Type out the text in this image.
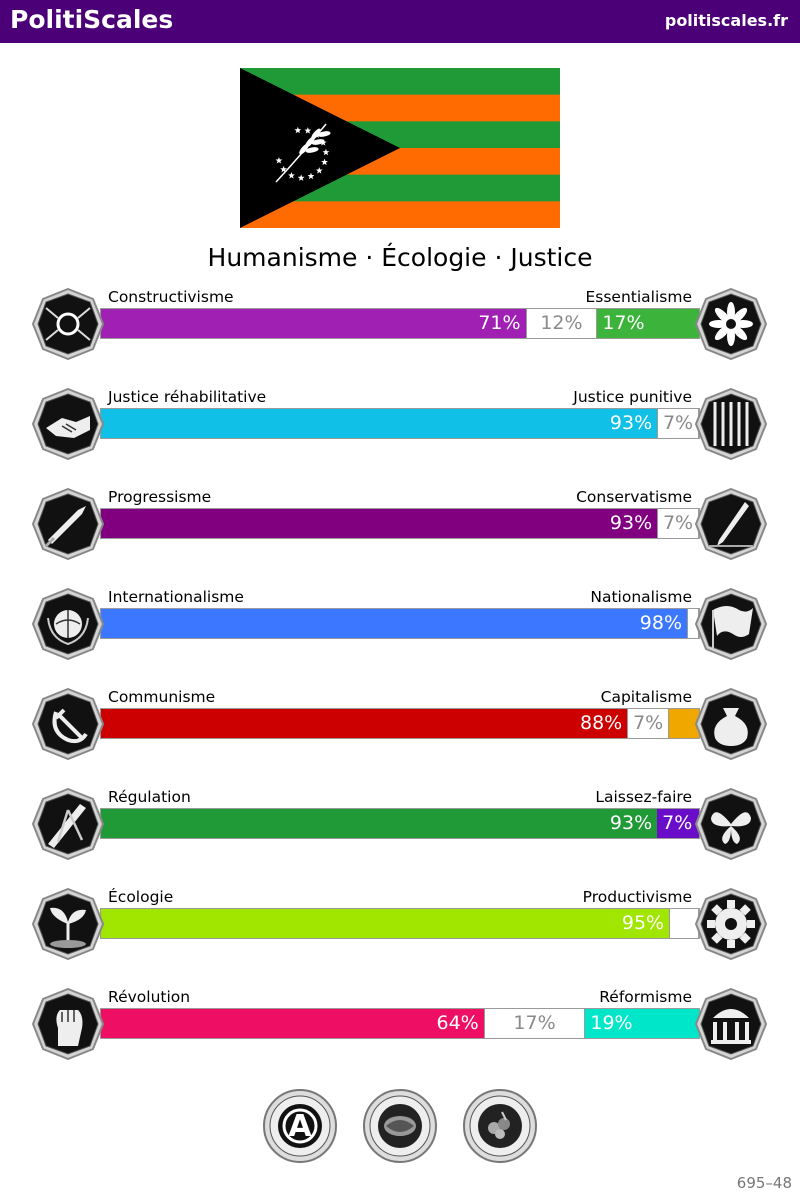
PolitiScales	politiscales.fr
Humanisme · Écologie · Justice
Constructivisme	Essentialisme
71%	12%	17%
Justice réhabilitative	Justice punitive
93% 7%
Progressisme	Conservatisme
93% 7%
Internationalisme	Nationalisme
98%
Communisme	Capitalisme
88% 7%
Régulation	Laissez-faire
93% 7%
Écologie	Productivisme
95%
Révolution	Réformisme
64%	17%	19%
A
695–48
